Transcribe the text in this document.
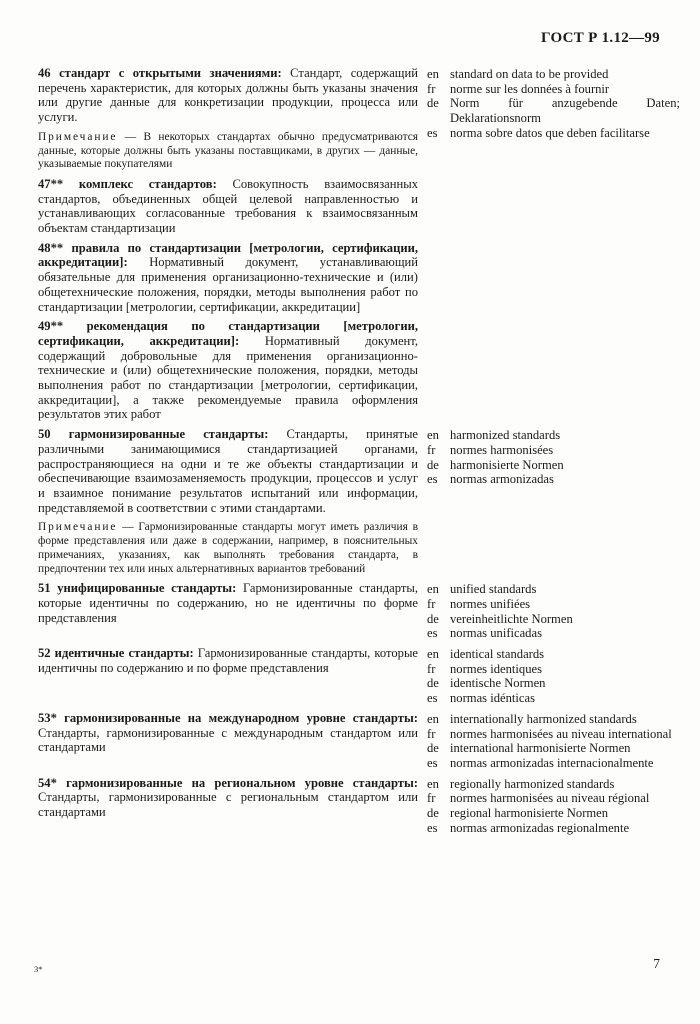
ГОСТ Р 1.12—99

46 стандарт с открытыми значениями: Стандарт, содержащий перечень характеристик, для которых должны быть указаны значения или другие данные для конкретизации продукции, процесса или услуги.

Примечание — В некоторых стандартах обычно предусматриваются данные, которые должны быть указаны поставщиками, в других — данные, указываемые покупателями

en standard on data to be provided
fr	norme sur les données à fournir
de Norm für anzugebende Daten; Deklarationsnorm
es norma sobre datos que deben facilitarse

47** комплекс стандартов: Совокупность взаимосвязанных стандартов, объединенных общей целевой направленностью и устанавливающих согласованные требования к взаимосвязанным объектам стандартизации

48** правила по стандартизации [метрологии, сертификации, аккредитации]: Нормативный документ, устанавливающий обязательные для применения организационно-технические и (или) общетехнические положения, порядки, методы выполнения работ по стандартизации [метрологии, сертификации, аккредитации]

49** рекомендация по стандартизации [метрологии, сертификации, аккредитации]: Нормативный документ, содержащий добровольные для применения организационно-технические и (или) общетехнические положения, порядки, методы выполнения работ по стандартизации [метрологии, сертификации, аккредитации], а также рекомендуемые правила оформления результатов этих работ

50 гармонизированные стандарты: Стандарты, принятые различными занимающимися стандартизацией органами, распространяющиеся на одни и те же объекты стандартизации и обеспечивающие взаимозаменяемость продукции, процессов и услуг и взаимное понимание результатов испытаний или информации, представляемой в соответствии с этими стандартами.

Примечание — Гармонизированные стандарты могут иметь различия в форме представления или даже в содержании, например, в пояснительных примечаниях, указаниях, как выполнять требования стандарта, в предпочтении тех или иных альтернативных вариантов требований

en harmonized standards
fr	normes harmonisées
de harmonisierte Normen
es normas armonizadas

51 унифицированные стандарты: Гармонизированные стандарты, которые идентичны по содержанию, но не идентичны по форме представления

en unified standards
fr	normes unifiées
de vereinheitlichte Normen
es normas unificadas

52 идентичные стандарты: Гармонизированные стандарты, которые идентичны по содержанию и по форме представления

en identical standards
fr	normes identiques
de identische Normen
es normas idénticas

53* гармонизированные на международном уровне стандарты: Стандарты, гармонизированные с международным стандартом или стандартами

en internationally harmonized standards
fr	normes harmonisées au niveau international
de international harmonisierte Normen
es normas armonizadas internacionalmente

54* гармонизированные на региональном уровне стандарты: Стандарты, гармонизированные с региональным стандартом или стандартами

en regionally harmonized standards
fr	normes harmonisées au niveau régional
de regional harmonisierte Normen
es normas armonizadas regionalmente
3*	7
